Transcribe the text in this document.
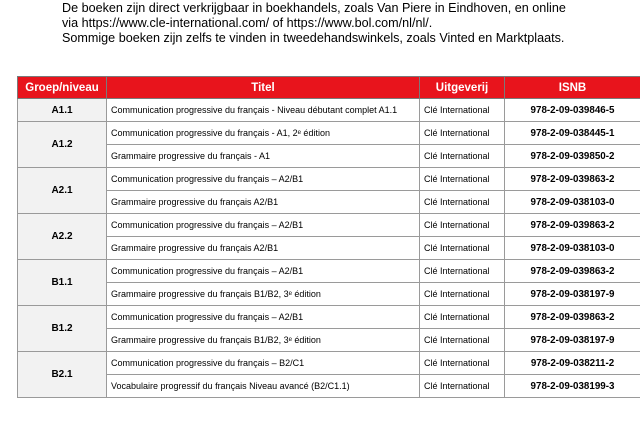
De boeken zijn direct verkrijgbaar in boekhandels, zoals Van Piere in Eindhoven, en online

via https://www.cle-international.com/ of https://www.bol.com/nl/nl/.

Sommige boeken zijn zelfs te vinden in tweedehandswinkels, zoals Vinted en Marktplaats.

Groep/niveau	Titel	Uitgeverij	ISNB
A1.1	Communication progressive du français - Niveau débutant complet A1.1	Clé International	978-2-09-039846-5
A1.2	Communication progressive du français - A1, 2ᵉ édition	Clé International	978-2-09-038445-1
	Grammaire progressive du français - A1	Clé International	978-2-09-039850-2
A2.1	Communication progressive du français – A2/B1	Clé International	978-2-09-039863-2
	Grammaire progressive du français A2/B1	Clé International	978-2-09-038103-0
A2.2	Communication progressive du français – A2/B1	Clé International	978-2-09-039863-2
	Grammaire progressive du français A2/B1	Clé International	978-2-09-038103-0
B1.1	Communication progressive du français – A2/B1	Clé International	978-2-09-039863-2
	Grammaire progressive du français B1/B2, 3ᵉ édition	Clé International	978-2-09-038197-9
B1.2	Communication progressive du français – A2/B1	Clé International	978-2-09-039863-2
	Grammaire progressive du français B1/B2, 3ᵉ édition	Clé International	978-2-09-038197-9
B2.1	Communication progressive du français – B2/C1	Clé International	978-2-09-038211-2
	Vocabulaire progressif du français Niveau avancé (B2/C1.1)	Clé International	978-2-09-038199-3
